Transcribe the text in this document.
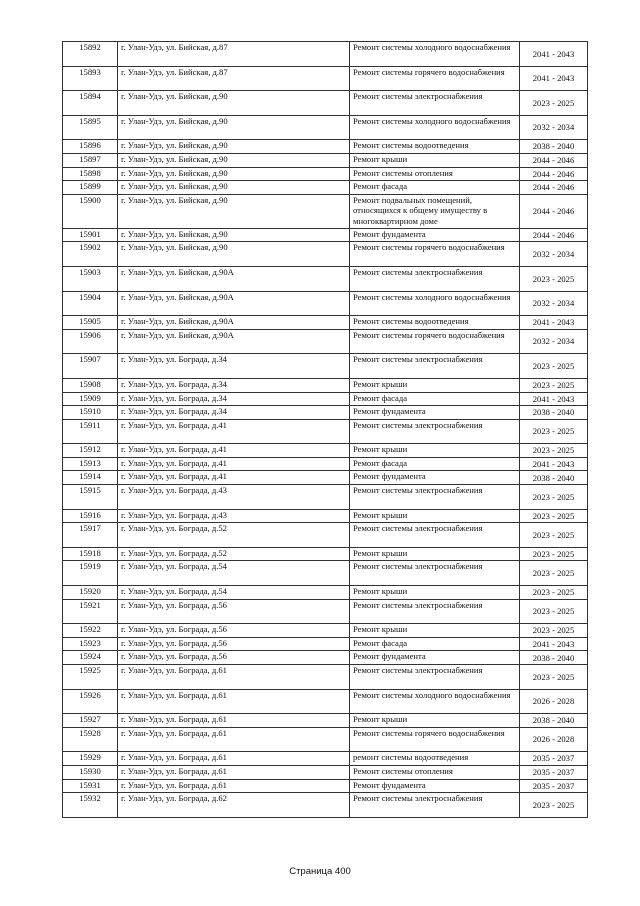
15892	г. Улан-Удэ, ул. Бийская, д.87	Ремонт системы холодного водоснабжения	2041 - 2043
15893	г. Улан-Удэ, ул. Бийская, д.87	Ремонт системы горячего водоснабжения	2041 - 2043
15894	г. Улан-Удэ, ул. Бийская, д.90	Ремонт системы электроснабжения	2023 - 2025
15895	г. Улан-Удэ, ул. Бийская, д.90	Ремонт системы холодного водоснабжения	2032 - 2034
15896	г. Улан-Удэ, ул. Бийская, д.90	Ремонт системы водоотведения	2038 - 2040
15897	г. Улан-Удэ, ул. Бийская, д.90	Ремонт крыши	2044 - 2046
15898	г. Улан-Удэ, ул. Бийская, д.90	Ремонт системы отопления	2044 - 2046
15899	г. Улан-Удэ, ул. Бийская, д.90	Ремонт фасада	2044 - 2046
15900	г. Улан-Удэ, ул. Бийская, д.90	Ремонт подвальных помещений, относящихся к общему имуществу в многоквартирном доме	2044 - 2046
15901	г. Улан-Удэ, ул. Бийская, д.90	Ремонт фундамента	2044 - 2046
15902	г. Улан-Удэ, ул. Бийская, д.90	Ремонт системы горячего водоснабжения	2032 - 2034
15903	г. Улан-Удэ, ул. Бийская, д.90А	Ремонт системы электроснабжения	2023 - 2025
15904	г. Улан-Удэ, ул. Бийская, д.90А	Ремонт системы холодного водоснабжения	2032 - 2034
15905	г. Улан-Удэ, ул. Бийская, д.90А	Ремонт системы водоотведения	2041 - 2043
15906	г. Улан-Удэ, ул. Бийская, д.90А	Ремонт системы горячего водоснабжения	2032 - 2034
15907	г. Улан-Удэ, ул. Бограда, д.34	Ремонт системы электроснабжения	2023 - 2025
15908	г. Улан-Удэ, ул. Бограда, д.34	Ремонт крыши	2023 - 2025
15909	г. Улан-Удэ, ул. Бограда, д.34	Ремонт фасада	2041 - 2043
15910	г. Улан-Удэ, ул. Бограда, д.34	Ремонт фундамента	2038 - 2040
15911	г. Улан-Удэ, ул. Бограда, д.41	Ремонт системы электроснабжения	2023 - 2025
15912	г. Улан-Удэ, ул. Бограда, д.41	Ремонт крыши	2023 - 2025
15913	г. Улан-Удэ, ул. Бограда, д.41	Ремонт фасада	2041 - 2043
15914	г. Улан-Удэ, ул. Бограда, д.41	Ремонт фундамента	2038 - 2040
15915	г. Улан-Удэ, ул. Бограда, д.43	Ремонт системы электроснабжения	2023 - 2025
15916	г. Улан-Удэ, ул. Бограда, д.43	Ремонт крыши	2023 - 2025
15917	г. Улан-Удэ, ул. Бограда, д.52	Ремонт системы электроснабжения	2023 - 2025
15918	г. Улан-Удэ, ул. Бограда, д.52	Ремонт крыши	2023 - 2025
15919	г. Улан-Удэ, ул. Бограда, д.54	Ремонт системы электроснабжения	2023 - 2025
15920	г. Улан-Удэ, ул. Бограда, д.54	Ремонт крыши	2023 - 2025
15921	г. Улан-Удэ, ул. Бограда, д.56	Ремонт системы электроснабжения	2023 - 2025
15922	г. Улан-Удэ, ул. Бограда, д.56	Ремонт крыши	2023 - 2025
15923	г. Улан-Удэ, ул. Бограда, д.56	Ремонт фасада	2041 - 2043
15924	г. Улан-Удэ, ул. Бограда, д.56	Ремонт фундамента	2038 - 2040
15925	г. Улан-Удэ, ул. Бограда, д.61	Ремонт системы электроснабжения	2023 - 2025
15926	г. Улан-Удэ, ул. Бограда, д.61	Ремонт системы холодного водоснабжения	2026 - 2028
15927	г. Улан-Удэ, ул. Бограда, д.61	Ремонт крыши	2038 - 2040
15928	г. Улан-Удэ, ул. Бограда, д.61	Ремонт системы горячего водоснабжения	2026 - 2028
15929	г. Улан-Удэ, ул. Бограда, д.61	ремонт системы водоотведения	2035 - 2037
15930	г. Улан-Удэ, ул. Бограда, д.61	Ремонт системы отопления	2035 - 2037
15931	г. Улан-Удэ, ул. Бограда, д.61	Ремонт фундамента	2035 - 2037
15932	г. Улан-Удэ, ул. Бограда, д.62	Ремонт системы электроснабжения	2023 - 2025
Страница 400
